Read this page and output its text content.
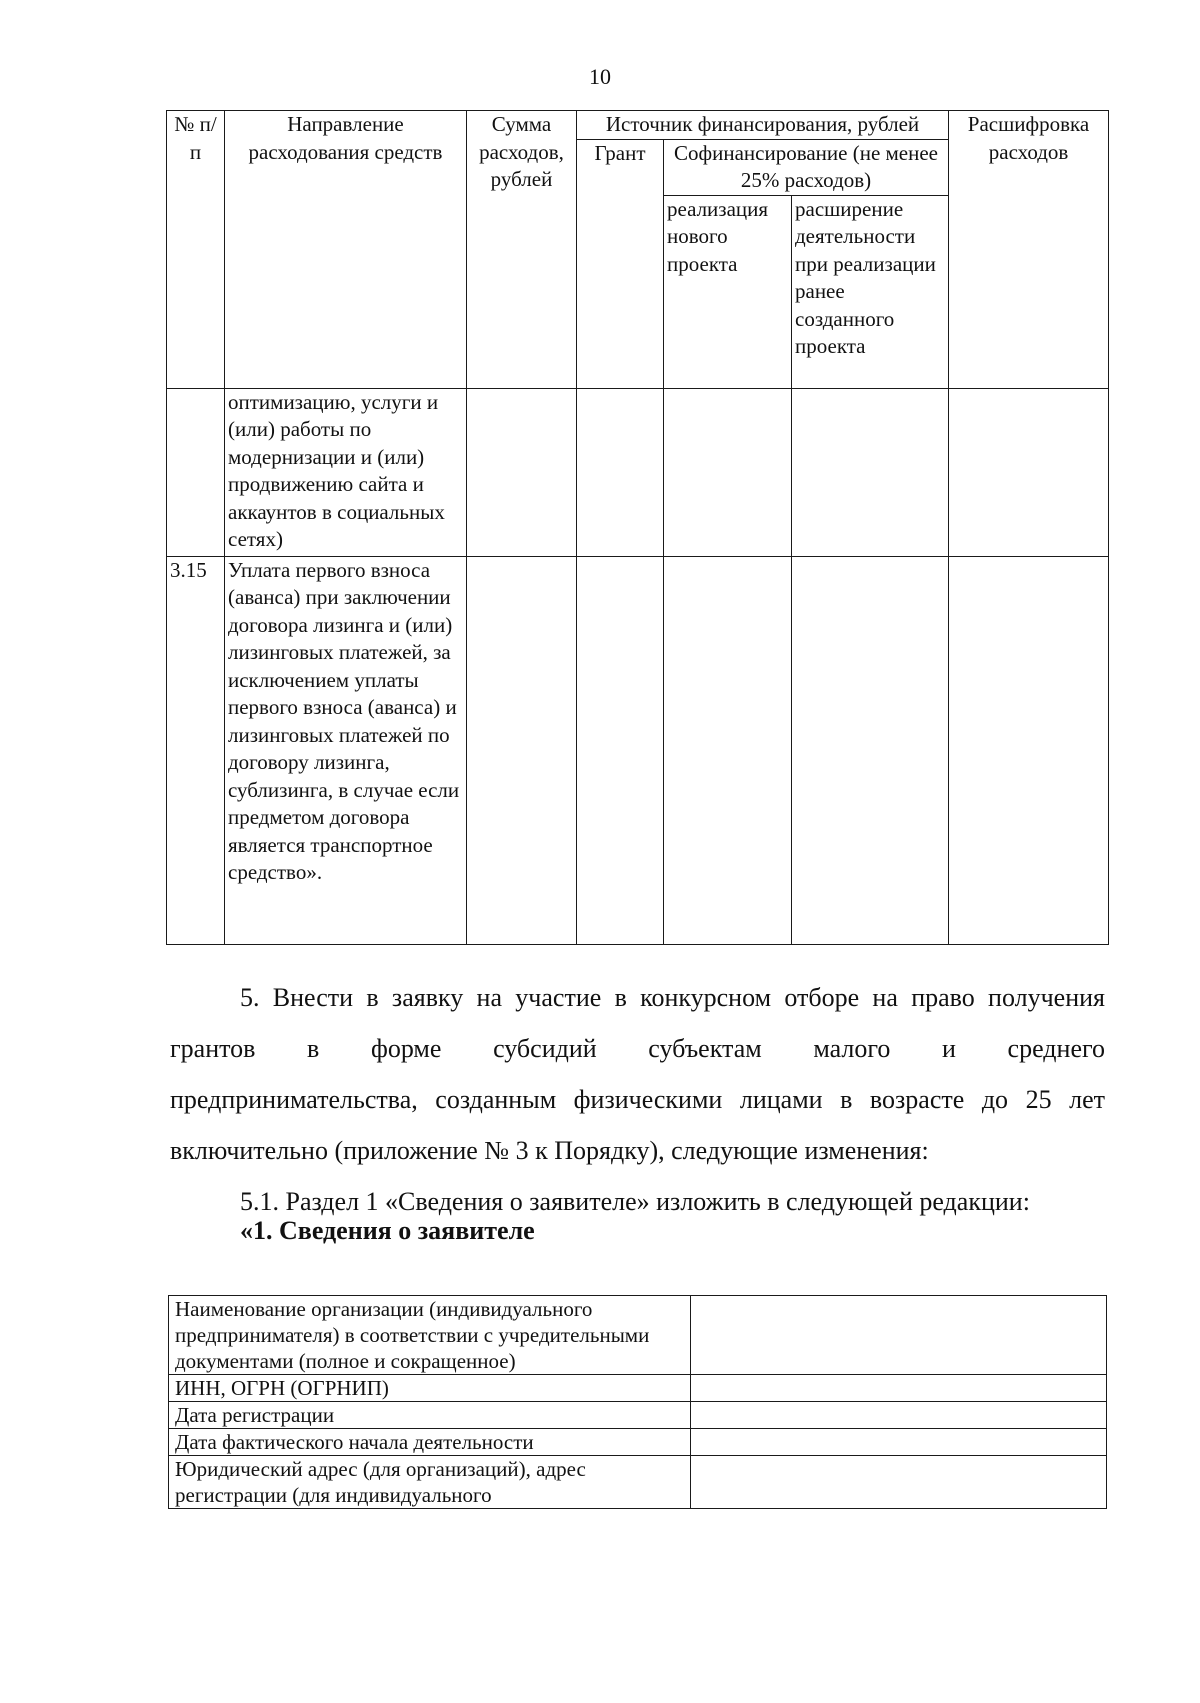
10
№ п/п	Направление расходования средств	Сумма расходов, рублей	Источник финансирования, рублей			Расшифровка расходов
			Грант	Софинансирование (не менее 25% расходов)		
				реализация нового проекта	расширение деятельности при реализации ранее созданного проекта	
	оптимизацию, услуги и (или) работы по модернизации и (или) продвижению сайта и аккаунтов в социальных сетях)					
3.15	Уплата первого взноса (аванса) при заключении договора лизинга и (или) лизинговых платежей, за исключением уплаты первого взноса (аванса) и лизинговых платежей по договору лизинга, сублизинга, в случае если предметом договора является транспортное средство».					
5. Внести в заявку на участие в конкурсном отборе на право получения
грантов в форме субсидий субъектам малого и среднего
предпринимательства, созданным физическими лицами в возрасте до 25 лет
включительно (приложение № 3 к Порядку), следующие изменения:
5.1. Раздел 1 «Сведения о заявителе» изложить в следующей редакции:
«1. Сведения о заявителе
Наименование организации (индивидуального предпринимателя) в соответствии с учредительными документами (полное и сокращенное)	
ИНН, ОГРН (ОГРНИП)	
Дата регистрации	
Дата фактического начала деятельности	
Юридический адрес (для организаций), адрес регистрации (для индивидуального	
